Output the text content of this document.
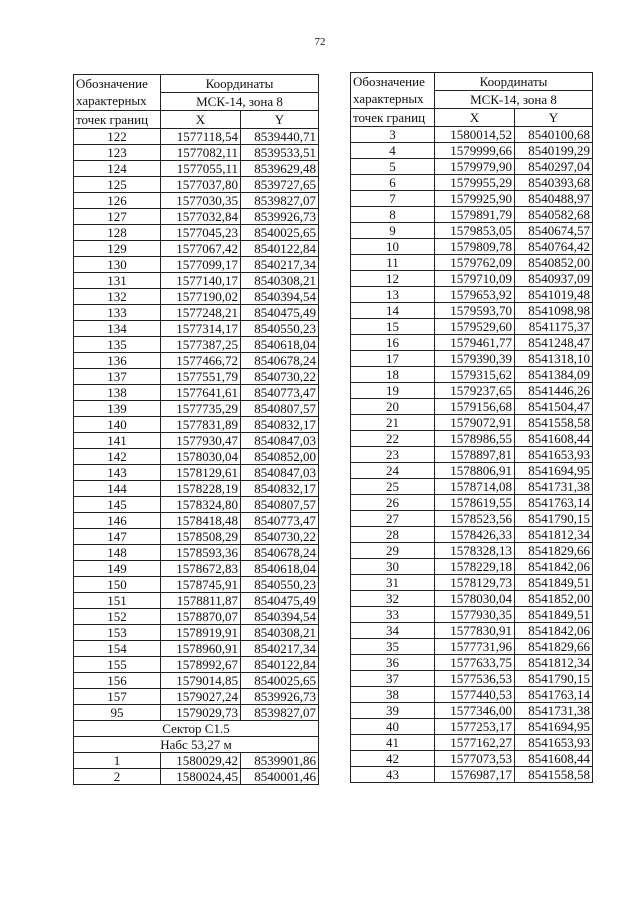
72
Обозначение
характерных	Координаты	

	МСК-14, зона 8	

точек границ	X	Y
122	1577118,54	8539440,71
123	1577082,11	8539533,51
124	1577055,11	8539629,48
125	1577037,80	8539727,65
126	1577030,35	8539827,07
127	1577032,84	8539926,73
128	1577045,23	8540025,65
129	1577067,42	8540122,84
130	1577099,17	8540217,34
131	1577140,17	8540308,21
132	1577190,02	8540394,54
133	1577248,21	8540475,49
134	1577314,17	8540550,23
135	1577387,25	8540618,04
136	1577466,72	8540678,24
137	1577551,79	8540730,22
138	1577641,61	8540773,47
139	1577735,29	8540807,57
140	1577831,89	8540832,17
141	1577930,47	8540847,03
142	1578030,04	8540852,00
143	1578129,61	8540847,03
144	1578228,19	8540832,17
145	1578324,80	8540807,57
146	1578418,48	8540773,47
147	1578508,29	8540730,22
148	1578593,36	8540678,24
149	1578672,83	8540618,04
150	1578745,91	8540550,23
151	1578811,87	8540475,49
152	1578870,07	8540394,54
153	1578919,91	8540308,21
154	1578960,91	8540217,34
155	1578992,67	8540122,84
156	1579014,85	8540025,65
157	1579027,24	8539926,73
95	1579029,73	8539827,07
Сектор С1.5		
Набс 53,27 м		
1	1580029,42	8539901,86
2	1580024,45	8540001,46
Обозначение
характерных	Координаты	

	МСК-14, зона 8	

точек границ	X	Y
3	1580014,52	8540100,68
4	1579999,66	8540199,29
5	1579979,90	8540297,04
6	1579955,29	8540393,68
7	1579925,90	8540488,97
8	1579891,79	8540582,68
9	1579853,05	8540674,57
10	1579809,78	8540764,42
11	1579762,09	8540852,00
12	1579710,09	8540937,09
13	1579653,92	8541019,48
14	1579593,70	8541098,98
15	1579529,60	8541175,37
16	1579461,77	8541248,47
17	1579390,39	8541318,10
18	1579315,62	8541384,09
19	1579237,65	8541446,26
20	1579156,68	8541504,47
21	1579072,91	8541558,58
22	1578986,55	8541608,44
23	1578897,81	8541653,93
24	1578806,91	8541694,95
25	1578714,08	8541731,38
26	1578619,55	8541763,14
27	1578523,56	8541790,15
28	1578426,33	8541812,34
29	1578328,13	8541829,66
30	1578229,18	8541842,06
31	1578129,73	8541849,51
32	1578030,04	8541852,00
33	1577930,35	8541849,51
34	1577830,91	8541842,06
35	1577731,96	8541829,66
36	1577633,75	8541812,34
37	1577536,53	8541790,15
38	1577440,53	8541763,14
39	1577346,00	8541731,38
40	1577253,17	8541694,95
41	1577162,27	8541653,93
42	1577073,53	8541608,44
43	1576987,17	8541558,58
